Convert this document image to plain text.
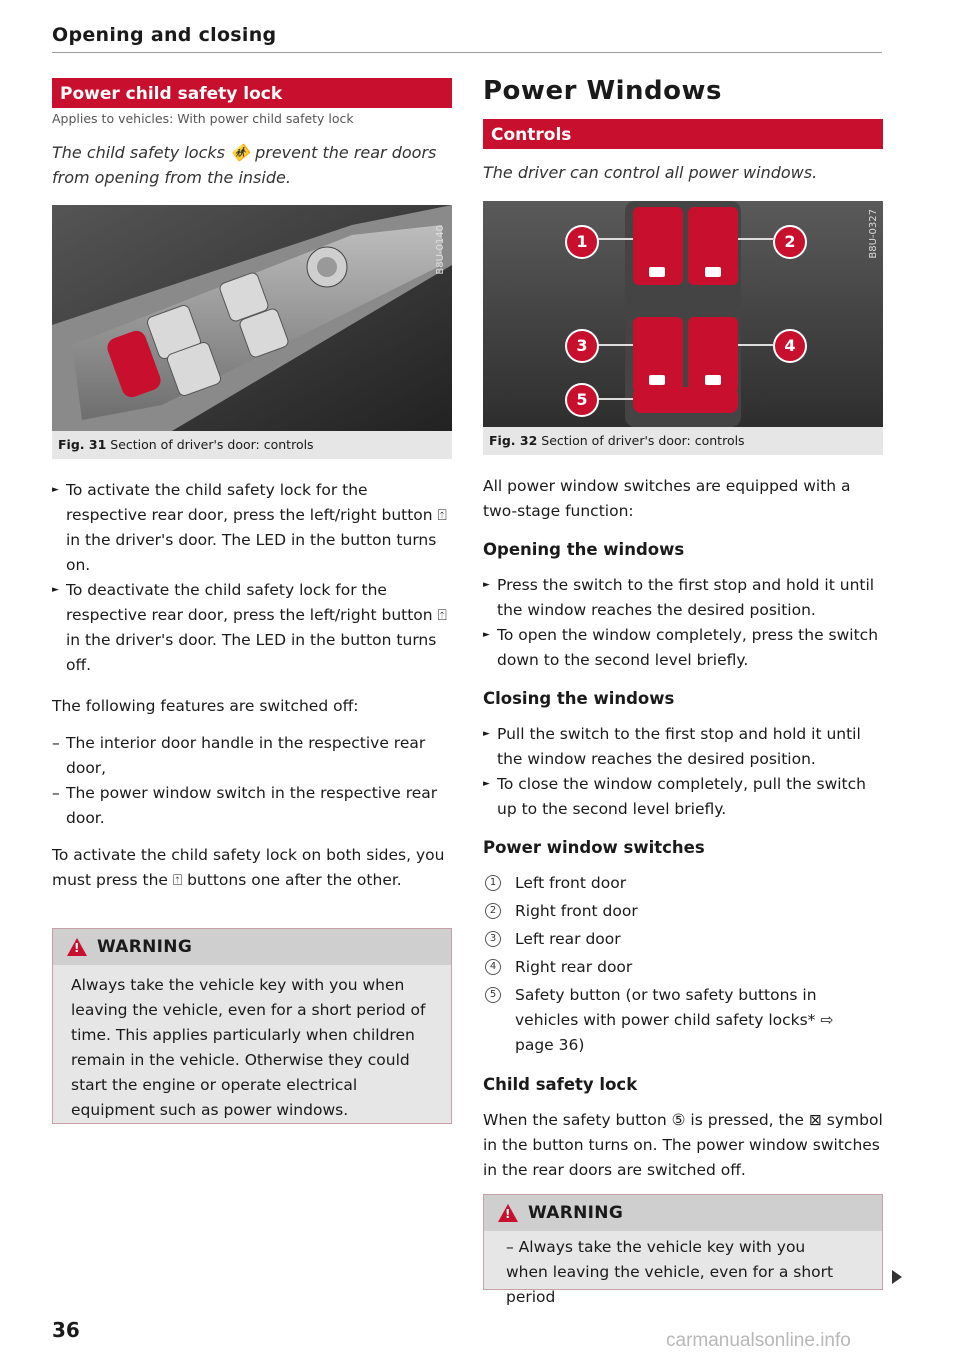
Opening and closing
Power child safety lock
Applies to vehicles: With power child safety lock
The child safety locks 🚸 prevent the rear doors from opening from the inside.
B8U-0140
Fig. 31 Section of driver's door: controls
► To activate the child safety lock for the respective rear door, press the left/right button ⍐ in the driver's door. The LED in the button turns on.
► To deactivate the child safety lock for the respective rear door, press the left/right button ⍐ in the driver's door. The LED in the button turns off.
The following features are switched off:
– The interior door handle in the respective rear door,
– The power window switch in the respective rear door.
To activate the child safety lock on both sides, you must press the ⍐ buttons one after the other.
!
WARNING
Always take the vehicle key with you when leaving the vehicle, even for a short period of time. This applies particularly when children remain in the vehicle. Otherwise they could start the engine or operate electrical equipment such as power windows.
Power Windows
Controls
The driver can control all power windows.
1	2
3	4
5
B8U-0327
Fig. 32 Section of driver's door: controls
All power window switches are equipped with a two-stage function:
Opening the windows
► Press the switch to the first stop and hold it until the window reaches the desired position.
► To open the window completely, press the switch down to the second level briefly.
Closing the windows
► Pull the switch to the first stop and hold it until the window reaches the desired position.
► To close the window completely, pull the switch up to the second level briefly.
Power window switches
1	Left front door
2	Right front door
3	Left rear door
4	Right rear door
5	Safety button (or two safety buttons in vehicles with power child safety locks* ⇨ page 36)
Child safety lock
When the safety button ⑤ is pressed, the ⊠ symbol in the button turns on. The power window switches in the rear doors are switched off.
!
WARNING
– Always take the vehicle key with you when leaving the vehicle, even for a short period
36	carmanualsonline.info
